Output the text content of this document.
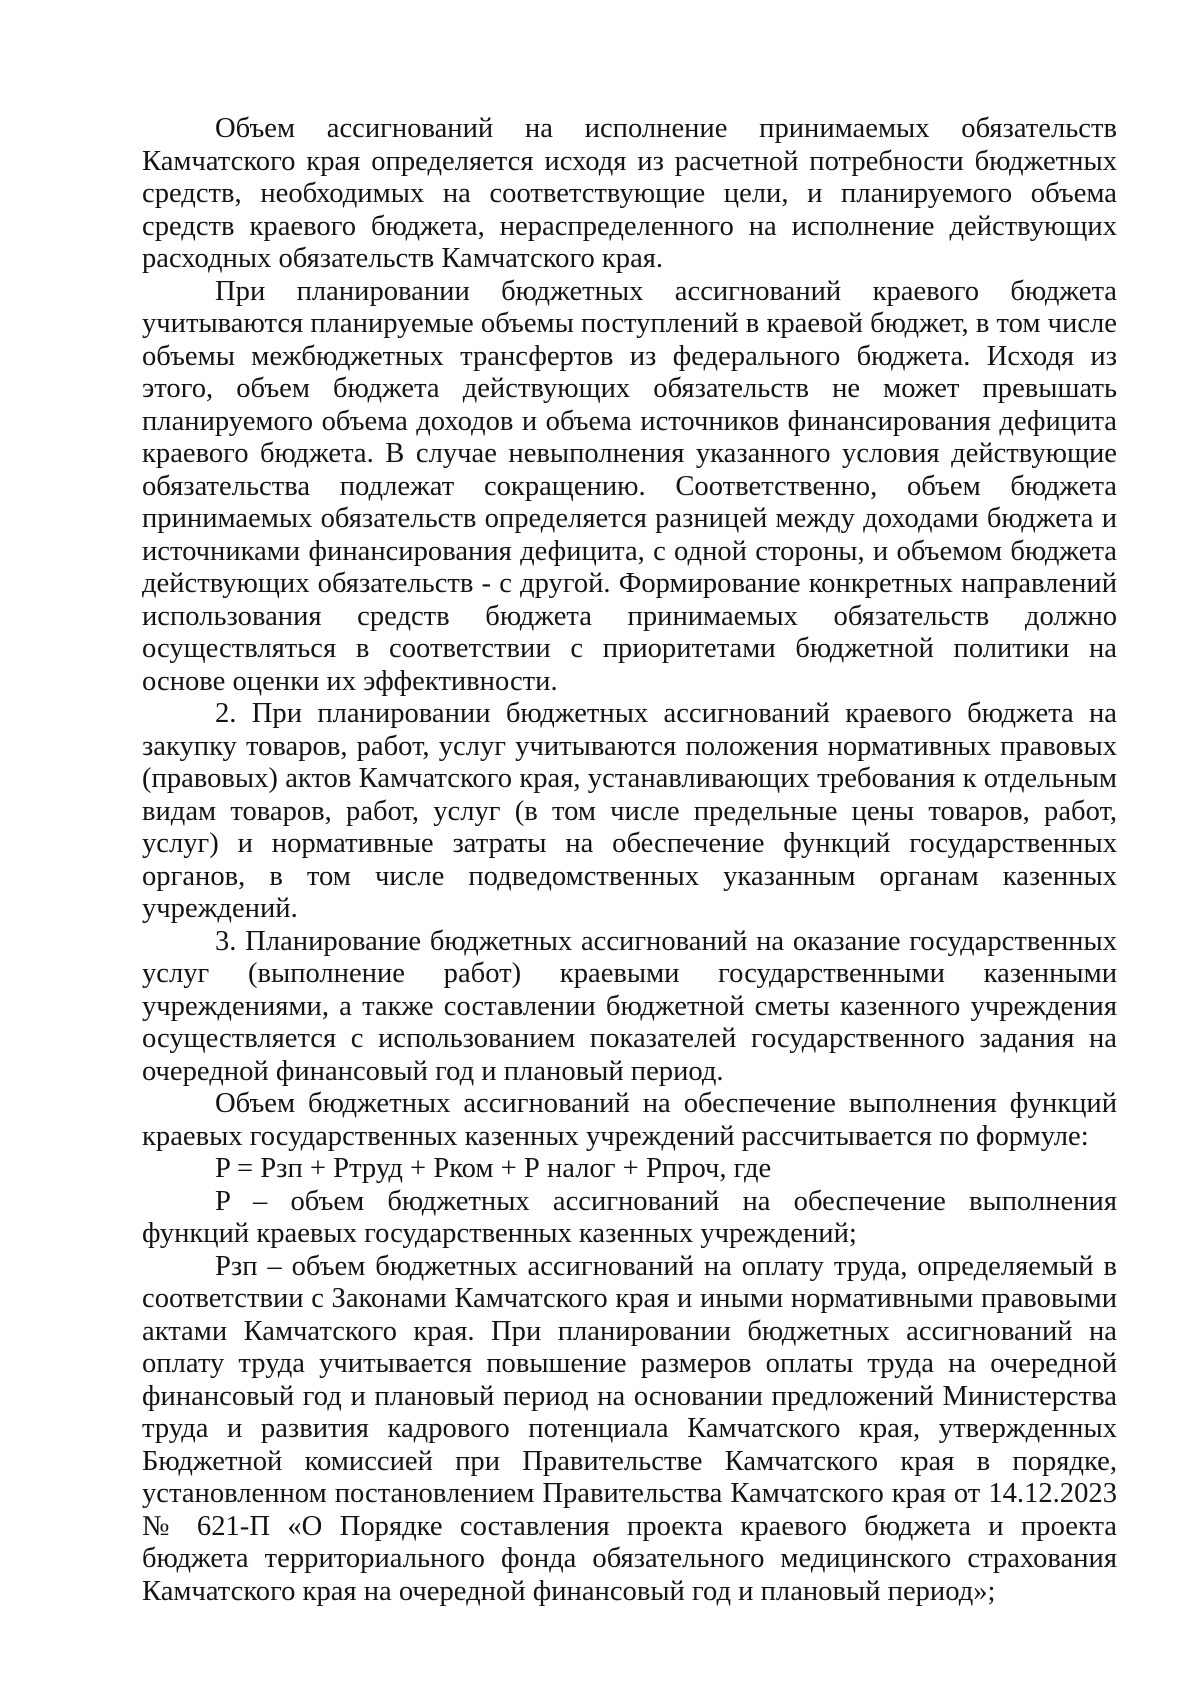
Объем ассигнований на исполнение принимаемых обязательств Камчатского края определяется исходя из расчетной потребности бюджетных средств, необходимых на соответствующие цели, и планируемого объема средств краевого бюджета, нераспределенного на исполнение действующих расходных обязательств Камчатского края.

При планировании бюджетных ассигнований краевого бюджета учитываются планируемые объемы поступлений в краевой бюджет, в том числе объемы межбюджетных трансфертов из федерального бюджета. Исходя из этого, объем бюджета действующих обязательств не может превышать планируемого объема доходов и объема источников финансирования дефицита краевого бюджета. В случае невыполнения указанного условия действующие обязательства подлежат сокращению. Соответственно, объем бюджета принимаемых обязательств определяется разницей между доходами бюджета и источниками финансирования дефицита, с одной стороны, и объемом бюджета действующих обязательств - с другой. Формирование конкретных направлений использования средств бюджета принимаемых обязательств должно осуществляться в соответствии с приоритетами бюджетной политики на основе оценки их эффективности.

2. При планировании бюджетных ассигнований краевого бюджета на закупку товаров, работ, услуг учитываются положения нормативных правовых (правовых) актов Камчатского края, устанавливающих требования к отдельным видам товаров, работ, услуг (в том числе предельные цены товаров, работ, услуг) и нормативные затраты на обеспечение функций государственных органов, в том числе подведомственных указанным органам казенных учреждений.

3. Планирование бюджетных ассигнований на оказание государственных услуг (выполнение работ) краевыми государственными казенными учреждениями, а также составлении бюджетной сметы казенного учреждения осуществляется с использованием показателей государственного задания на очередной финансовый год и плановый период.

Объем бюджетных ассигнований на обеспечение выполнения функций краевых государственных казенных учреждений рассчитывается по формуле:

P = Рзп + Ртруд + Рком + Р налог + Рпроч, где

P – объем бюджетных ассигнований на обеспечение выполнения функций краевых государственных казенных учреждений;

Рзп – объем бюджетных ассигнований на оплату труда, определяемый в соответствии с Законами Камчатского края и иными нормативными правовыми актами Камчатского края. При планировании бюджетных ассигнований на оплату труда учитывается повышение размеров оплаты труда на очередной финансовый год и плановый период на основании предложений Министерства труда и развития кадрового потенциала Камчатского края, утвержденных Бюджетной комиссией при Правительстве Камчатского края в порядке, установленном постановлением Правительства Камчатского края от 14.12.2023 № 621-П «О Порядке составления проекта краевого бюджета и проекта бюджета территориального фонда обязательного медицинского страхования Камчатского края на очередной финансовый год и плановый период»;
